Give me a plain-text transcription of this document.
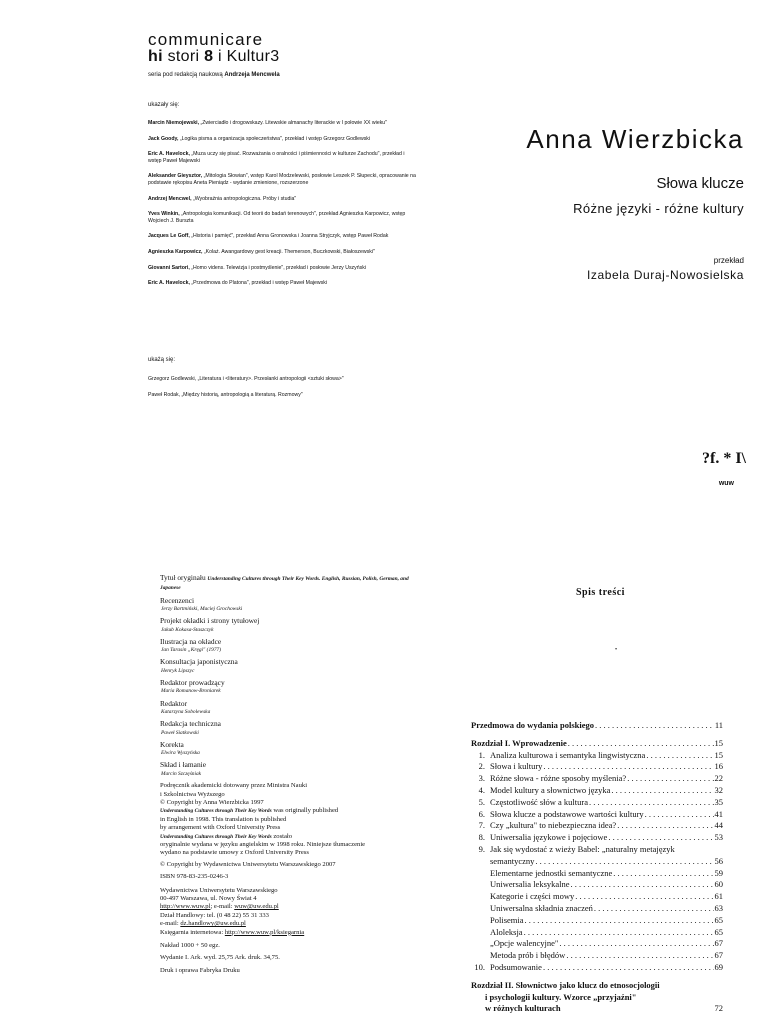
communicare
hi stori 8 i Kultur3
seria pod redakcją naukową Andrzeja Mencwela
ukazały się:
Marcin Niemojewski, „Zwierciadło i drogowskazy. Litewskie almanachy literackie w I połowie XX wieku"
Jack Goody, „Logika pisma a organizacja społeczeństwa", przekład i wstęp Grzegorz Godlewski
Eric A. Havelock, „Muza uczy się pisać. Rozważania o oralności i piśmienności w kulturze Zachodu", przekład i wstęp Paweł Majewski
Aleksander Gieysztor, „Mitologia Słowian", wstęp Karol Modzelewski, posłowie Leszek P. Słupecki, opracowanie na podstawie rękopisu Aneta Pieniądz - wydanie zmienione, rozszerzone
Andrzej Mencwel, „Wyobraźnia antropologiczna. Próby i studia"
Yves Winkin, „Antropologia komunikacji. Od teorii do badań terenowych", przekład Agnieszka Karpowicz, wstęp Wojciech J. Burszta
Jacques Le Goff, „Historia i pamięć", przekład Anna Gronowska i Joanna Stryjczyk, wstęp Paweł Rodak
Agnieszka Karpowicz, „Kolaż. Awangardowy gest kreacji. Themerson, Buczkowski, Białoszewski"
Giovanni Sartori, „Homo videns. Telewizja i postmyślenie", przekład i posłowie Jerzy Uszyński
Eric A. Havelock, „Przedmowa do Platona", przekład i wstęp Paweł Majewski
ukażą się:
Grzegorz Godlewski, „Literatura i <literatury>. Przesłanki antropologii <sztuki słowa>"
Paweł Rodak, „Między historią, antropologią a literaturą. Rozmowy"
Anna Wierzbicka
Słowa klucze
Różne języki - różne kultury
przekład
Izabela Duraj-Nowosielska
?f. * I\
wuw
Tytuł oryginału Understanding Cultures through Their Key Words. English, Russian, Polish, German, and Japanese
Recenzenci
Jerzy Bartmiński, Maciej Grochowski
Projekt okładki i strony tytułowej
Jakub Kokasa-Staszczyk
Ilustracja na okładce
Jan Tarasin „Kręgi" (1977)
Konsultacja japonistyczna
Henryk Lipszyc
Redaktor prowadzący
Maria Romanow-Broniarek
Redaktor
Katarzyna Sobolewska
Redakcja techniczna
Paweł Siatkowski
Korekta
Elwira Wyszyńska
Skład i łamanie
Marcin Szczęśniak
Podręcznik akademicki dotowany przez Ministra Nauki
i Szkolnictwa Wyższego
© Copyright by Anna Wierzbicka 1997
Understanding Cultures through Their Key Words was originally published
in English in 1998. This translation is published
by arrangement with Oxford University Press
Understanding Cultures through Their Key Words zostało
oryginalnie wydana w języku angielskim w 1998 roku. Niniejsze tłumaczenie
wydano na podstawie umowy z Oxford University Press
© Copyright by Wydawnictwa Uniwersytetu Warszawskiego 2007
ISBN 978-83-235-0246-3
Wydawnictwa Uniwersytetu Warszawskiego
00-497 Warszawa, ul. Nowy Świat 4
http://www.wuw.pl; e-mail: wuw@uw.edu.pl
Dział Handlowy: tel. (0 48 22) 55 31 333
e-mail: dz.handlowy@uw.edu.pl
Księgarnia internetowa: http://www.wuw.pl/ksiegarnia
Nakład 1000 + 50 egz.
Wydanie I. Ark. wyd. 25,75 Ark. druk. 34,75.
Druk i oprawa Fabryka Druku
Spis treści
•
Przedmowa do wydania polskiego . . .	11
Rozdział I. Wprowadzenie . . .	15
1. Analiza kulturowa i semantyka lingwistyczna . . .	15
2. Słowa i kultury . . .	16
3. Różne słowa - różne sposoby myślenia? . . .	22
4. Model kultury a słownictwo języka . . .	32
5. Częstotliwość słów a kultura . . .	35
6. Słowa klucze a podstawowe wartości kultury . . .	41
7. Czy „kultura" to niebezpieczna idea? . . .	44
8. Uniwersalia językowe i pojęciowe . . .	53
9. Jak się wydostać z wieży Babel: „naturalny metajęzyk
semantyczny . . .	56
Elementarne jednostki semantyczne . . .	59
Uniwersalia leksykalne . . .	60
Kategorie i części mowy . . .	61
Uniwersalna składnia znaczeń . . .	63
Polisemia . . .	65
Aloleksja . . .	65
„Opcje walencyjne" . . .	67
Metoda prób i błędów . . .	67
10. Podsumowanie . . .	69
Rozdział II. Słownictwo jako klucz do etnosocjologii
i psychologii kultury. Wzorce „przyjaźni"
w różnych kulturach	72
